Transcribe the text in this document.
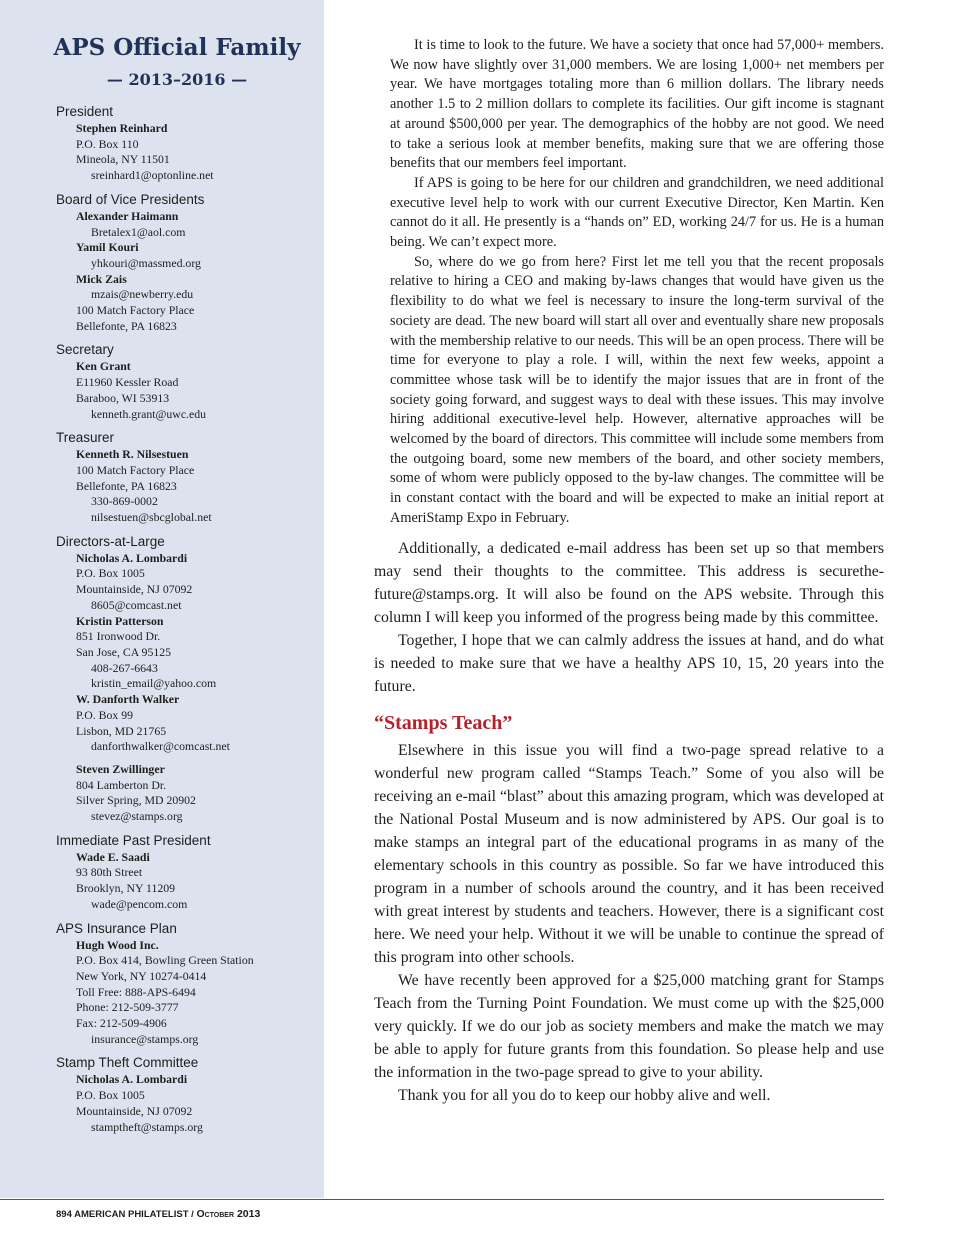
APS Official Family
— 2013–2016 —
President
Stephen Reinhard
P.O. Box 110
Mineola, NY 11501
sreinhard1@optonline.net
Board of Vice Presidents
Alexander Haimann
Bretalex1@aol.com
Yamil Kouri
yhkouri@massmed.org
Mick Zais
mzais@newberry.edu
100 Match Factory Place
Bellefonte, PA 16823
Secretary
Ken Grant
E11960 Kessler Road
Baraboo, WI 53913
kenneth.grant@uwc.edu
Treasurer
Kenneth R. Nilsestuen
100 Match Factory Place
Bellefonte, PA 16823
330-869-0002
nilsestuen@sbcglobal.net
Directors-at-Large
Nicholas A. Lombardi
P.O. Box 1005
Mountainside, NJ 07092
8605@comcast.net
Kristin Patterson
851 Ironwood Dr.
San Jose, CA 95125
408-267-6643
kristin_email@yahoo.com
W. Danforth Walker
P.O. Box 99
Lisbon, MD 21765
danforthwalker@comcast.net
Steven Zwillinger
804 Lamberton Dr.
Silver Spring, MD 20902
stevez@stamps.org
Immediate Past President
Wade E. Saadi
93 80th Street
Brooklyn, NY 11209
wade@pencom.com
APS Insurance Plan
Hugh Wood Inc.
P.O. Box 414, Bowling Green Station
New York, NY 10274-0414
Toll Free: 888-APS-6494
Phone: 212-509-3777
Fax: 212-509-4906
insurance@stamps.org
Stamp Theft Committee
Nicholas A. Lombardi
P.O. Box 1005
Mountainside, NJ 07092
stamptheft@stamps.org

It is time to look to the future. We have a society that once had 57,000+ members. We now have slightly over 31,000 members. We are losing 1,000+ net members per year. We have mortgages totaling more than 6 million dollars. The library needs another 1.5 to 2 million dollars to complete its facilities. Our gift income is stagnant at around $500,000 per year. The demographics of the hobby are not good. We need to take a serious look at member benefits, making sure that we are offering those benefits that our members feel important.

If APS is going to be here for our children and grandchildren, we need additional executive level help to work with our current Executive Director, Ken Martin. Ken cannot do it all. He presently is a “hands on” ED, working 24/7 for us. He is a human being. We can’t expect more.

So, where do we go from here? First let me tell you that the recent proposals relative to hiring a CEO and making by-laws changes that would have given us the flexibility to do what we feel is necessary to insure the long-term survival of the society are dead. The new board will start all over and eventually share new proposals with the membership relative to our needs. This will be an open process. There will be time for everyone to play a role. I will, within the next few weeks, appoint a committee whose task will be to identify the major issues that are in front of the society going forward, and suggest ways to deal with these issues. This may involve hiring additional executive-level help. However, alternative approaches will be welcomed by the board of directors. This committee will include some members from the outgoing board, some new members of the board, and other society members, some of whom were publicly opposed to the by-law changes. The committee will be in constant contact with the board and will be expected to make an initial report at AmeriStamp Expo in February.

Additionally, a dedicated e-mail address has been set up so that members may send their thoughts to the committee. This address is securethefuture@stamps.org. It will also be found on the APS website. Through this column I will keep you informed of the progress being made by this committee.

Together, I hope that we can calmly address the issues at hand, and do what is needed to make sure that we have a healthy APS 10, 15, 20 years into the future.

“Stamps Teach”

Elsewhere in this issue you will find a two-page spread relative to a wonderful new program called “Stamps Teach.” Some of you also will be receiving an e-mail “blast” about this amazing program, which was developed at the National Postal Museum and is now administered by APS. Our goal is to make stamps an integral part of the educational programs in as many of the elementary schools in this country as possible. So far we have introduced this program in a number of schools around the country, and it has been received with great interest by students and teachers. However, there is a significant cost here. We need your help. Without it we will be unable to continue the spread of this program into other schools.

We have recently been approved for a $25,000 matching grant for Stamps Teach from the Turning Point Foundation. We must come up with the $25,000 very quickly. If we do our job as society members and make the match we may be able to apply for future grants from this foundation. So please help and use the information in the two-page spread to give to your ability.

Thank you for all you do to keep our hobby alive and well.

894 AMERICAN PHILATELIST / October 2013
